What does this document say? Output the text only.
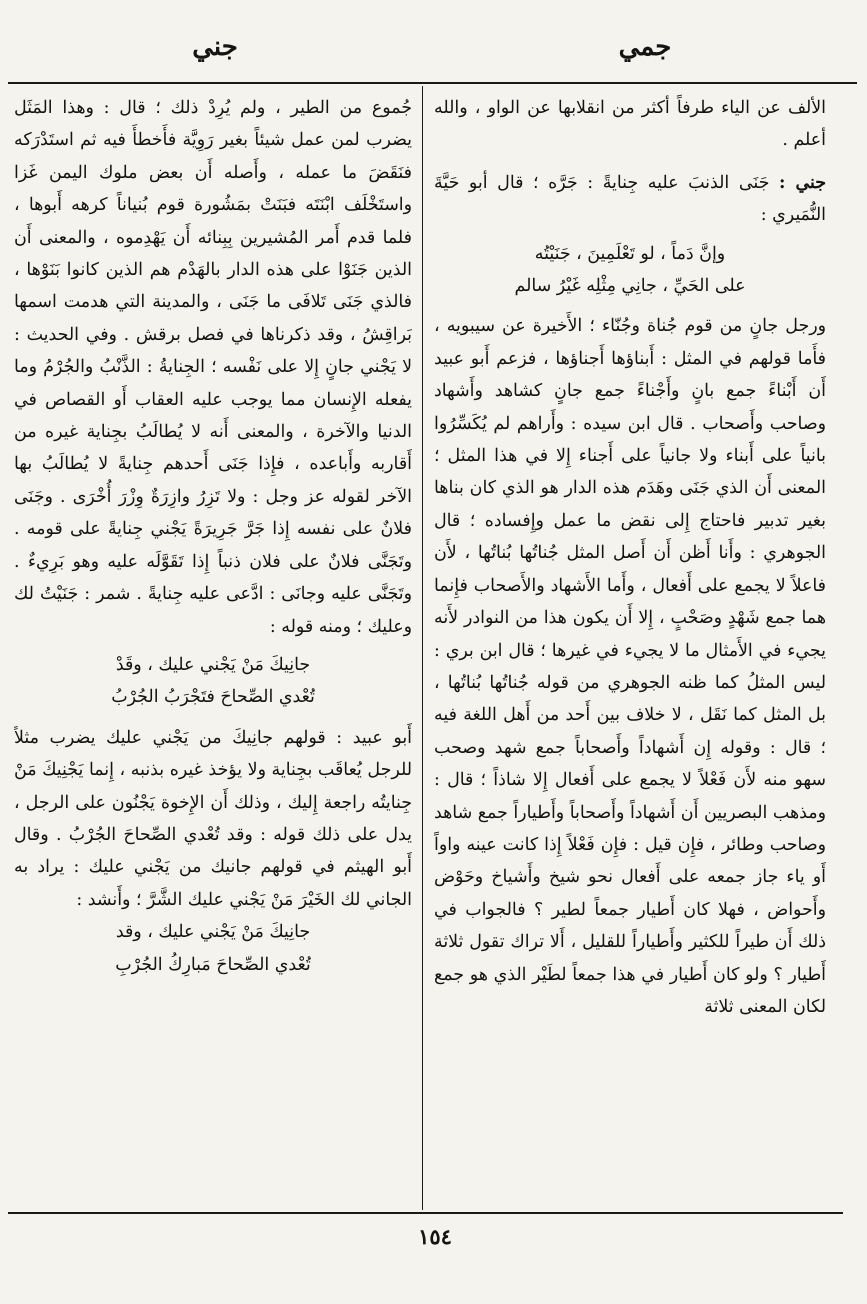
جمي
جني

الألف عن الياء طرفاً أكثر من انقلابها عن الواو ، والله أعلم .

جني : جَنَى الذنبَ عليه جِنايةً : جَرَّه ؛ قال أبو حَيَّةَ النُّمَيري :

وإنَّ دَماً ، لو تَعْلَمِينَ ، جَنَيْتُه

على الحَيِّ ، جانِي مِثْلِه غَيْرُ سالم

ورجل جانٍ من قوم جُناة وجُنّاء ؛ الأَخيرة عن سيبويه ، فأَما قولهم في المثل : أَبناؤها أَجناؤها ، فزعم أَبو عبيد أَن أَبْناءً جمع بانٍ وأَجْناءً جمع جانٍ كشاهد وأَشهاد وصاحب وأَصحاب . قال ابن سيده : وأَراهم لم يُكَسِّرُوا بانياً على أَبناء ولا جانياً على أَجناء إِلا في هذا المثل ؛ المعنى أَن الذي جَنَى وهَدَم هذه الدار هو الذي كان بناها بغير تدبير فاحتاج إِلى نقض ما عمل وإِفساده ؛ قال الجوهري : وأَنا أَظن أَن أَصل المثل جُناتُها بُناتُها ، لأَن فاعلاً لا يجمع على أَفعال ، وأَما الأَشهاد والأَصحاب فإِنما هما جمع شَهْدٍ وصَحْبٍ ، إِلا أَن يكون هذا من النوادر لأَنه يجيء في الأَمثال ما لا يجيء في غيرها ؛ قال ابن بري : ليس المثلُ كما ظنه الجوهري من قوله جُناتُها بُناتُها ، بل المثل كما نَقَل ، لا خلاف بين أَحد من أَهل اللغة فيه ؛ قال : وقوله إِن أَشهاداً وأَصحاباً جمع شهد وصحب سهو منه لأَن فَعْلاً لا يجمع على أَفعال إِلا شاذاً ؛ قال : ومذهب البصريين أَن أَشهاداً وأَصحاباً وأَطياراً جمع شاهد وصاحب وطائر ، فإِن قيل : فإِن فَعْلاً إِذا كانت عينه واواً أَو ياء جاز جمعه على أَفعال نحو شيخ وأَشياخ وحَوْض وأَحواض ، فهلا كان أَطيار جمعاً لطير ؟ فالجواب في ذلك أَن طيراً للكثير وأَطياراً للقليل ، أَلا تراك تقول ثلاثة أَطيار ؟ ولو كان أَطيار في هذا جمعاً لطَيْر الذي هو جمع لكان المعنى ثلاثة

جُموع من الطير ، ولم يُرِدْ ذلك ؛ قال : وهذا المَثَل يضرب لمن عمل شيئاً بغير رَوِيَّة فأَخطأَ فيه ثم استَدْرَكه فنَقَضَ ما عمله ، وأَصله أَن بعض ملوك اليمن غَزا واستَخْلَف ابْنَتَه فبَنَتْ بمَشُورة قوم بُنياناً كرهه أَبوها ، فلما قدم أَمر المُشيرين بِبِنائه أَن يَهْدِموه ، والمعنى أَن الذين جَنَوْا على هذه الدار بالهَدْم هم الذين كانوا بَنَوْها ، فالذي جَنَى تَلافَى ما جَنَى ، والمدينة التي هدمت اسمها بَراقِشُ ، وقد ذكرناها في فصل برقش . وفي الحديث : لا يَجْني جانٍ إِلا على نَفْسه ؛ الجِنايةُ : الذَّنْبُ والجُرْمُ وما يفعله الإِنسان مما يوجب عليه العقاب أَو القصاص في الدنيا والآخرة ، والمعنى أَنه لا يُطالَبُ بجِناية غيره من أَقاربه وأَباعده ، فإِذا جَنَى أَحدهم جِنايةً لا يُطالَبُ بها الآخر لقوله عز وجل : ولا تَزِرُ وازِرَةٌ وِزْرَ أُخْرَى . وجَنَى فلانٌ على نفسه إِذا جَرَّ جَرِيرَةً يَجْني جِنايةً على قومه . وتَجَنَّى فلانٌ على فلان ذنباً إِذا تَقَوَّلَه عليه وهو بَرِيءٌ . وتَجَنَّى عليه وجانَى : ادَّعى عليه جِنايةً . شمر : جَنَيْتُ لك وعليك ؛ ومنه قوله :

جانِيكَ مَنْ يَجْني عليك ، وقَدْ

تُعْدي الصِّحاحَ فتَجْرَبُ الجُرْبُ

أَبو عبيد : قولهم جانِيكَ من يَجْني عليك يضرب مثلاً للرجل يُعاقَب بجِناية ولا يؤخذ غيره بذنبه ، إِنما يَجْنِيكَ مَنْ جِنايتُه راجعة إِليك ، وذلك أَن الإِخوة يَجْنُون على الرجل ، يدل على ذلك قوله : وقد تُعْدي الصِّحاحَ الجُرْبُ . وقال أَبو الهيثم في قولهم جانيك من يَجْني عليك : يراد به الجاني لك الخَيْرَ مَنْ يَجْني عليك الشَّرَّ ؛ وأَنشد :

جانِيكَ مَنْ يَجْني عليك ، وقد

تُعْدي الصِّحاحَ مَبارِكُ الجُرْبِ

١٥٤
